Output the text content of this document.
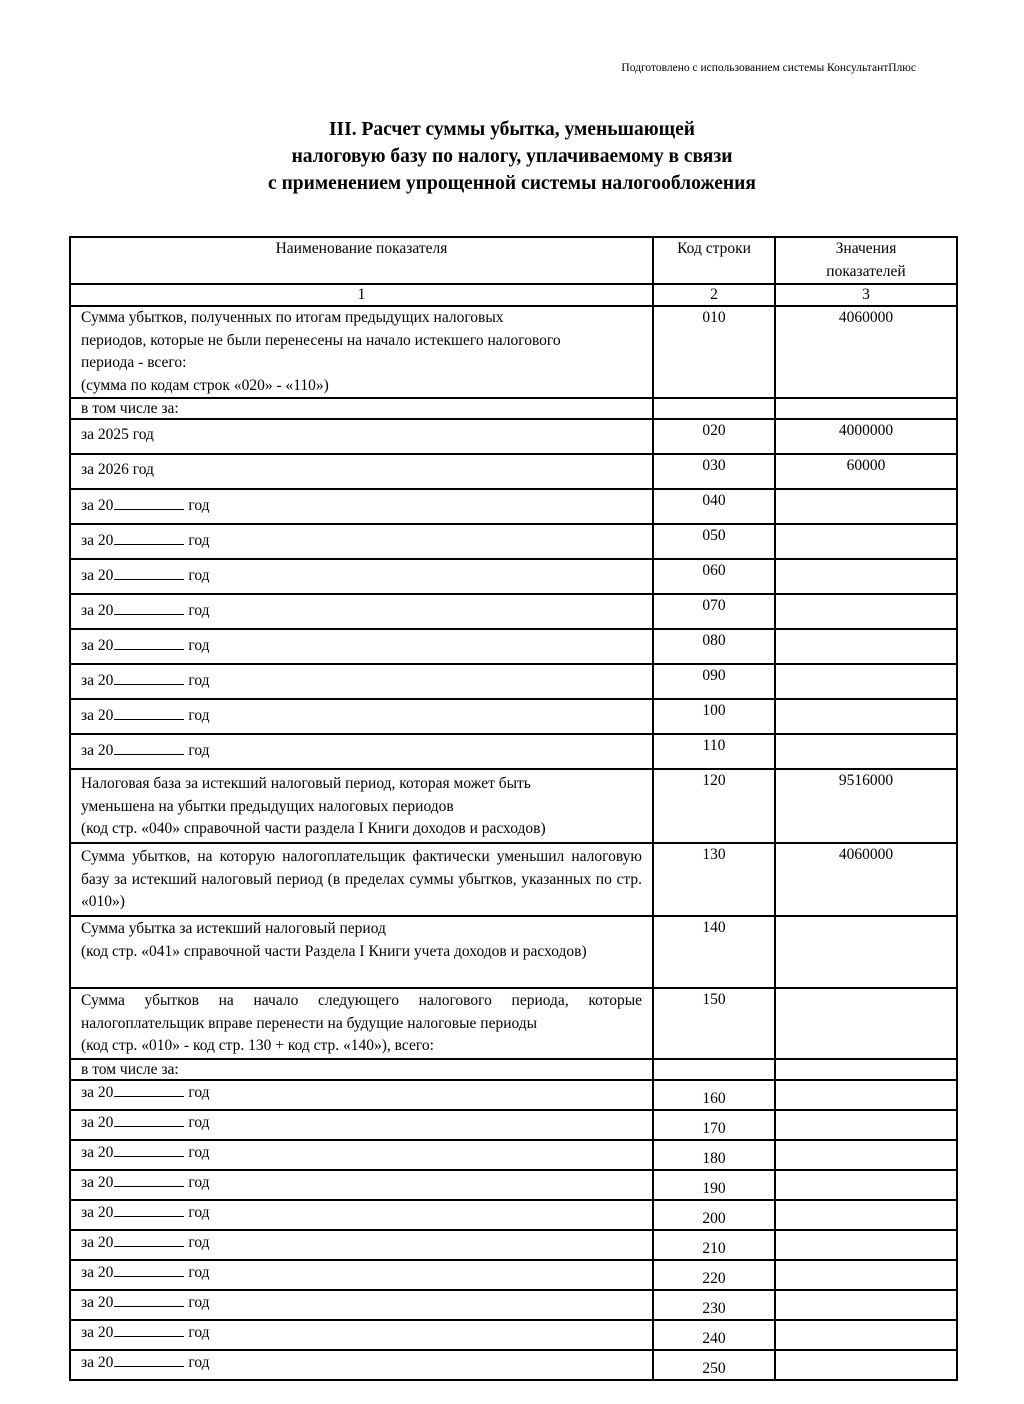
Подготовлено с использованием системы КонсультантПлюс
III. Расчет суммы убытка, уменьшающей
налоговую базу по налогу, уплачиваемому в связи
с применением упрощенной системы налогообложения
Наименование показателя	Код строки	Значения
показателей

1	2	3

Сумма убытков, полученных по итогам предыдущих налоговых
периодов, которые не были перенесены на начало истекшего налогового
периода - всего:
(сумма по кодам строк «020» - «110»)	010	4060000
в том числе за:		
за 2025 год	020	4000000
за 2026 год	030	60000
за 20 год	040	
за 20 год	050	
за 20 год	060	
за 20 год	070	
за 20 год	080	
за 20 год	090	
за 20 год	100	
за 20 год	110	

Налоговая база за истекший налоговый период, которая может быть
уменьшена на убытки предыдущих налоговых периодов
(код стр. «040» справочной части раздела I Книги доходов и расходов)	120	9516000
Сумма убытков, на которую налогоплательщик фактически уменьшил налоговую базу за истекший налоговый период (в пределах суммы убытков, указанных по стр. «010»)	130	4060000

Сумма убытка за истекший налоговый период
(код стр. «041» справочной части Раздела I Книги учета доходов и расходов)	140	

Сумма убытков на начало следующего налогового периода, которые налогоплательщик вправе перенести на будущие налоговые периоды
(код стр. «010» - код стр. 130 + код стр. «140»), всего:	150	
в том числе за:		
за 20 год	160	
за 20 год	170	
за 20 год	180	
за 20 год	190	
за 20 год	200	
за 20 год	210	
за 20 год	220	
за 20 год	230	
за 20 год	240	
за 20 год	250	
